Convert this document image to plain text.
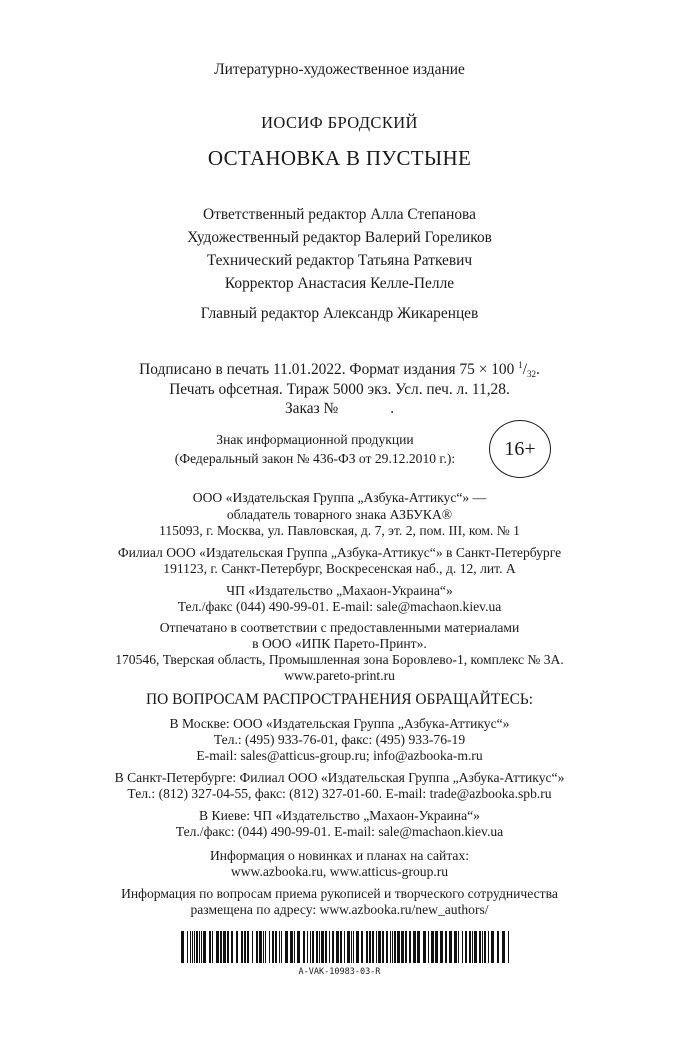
Литературно-художественное издание
ИОСИФ БРОДСКИЙ
ОСТАНОВКА В ПУСТЫНЕ
Ответственный редактор Алла Степанова
Художественный редактор Валерий Гореликов
Технический редактор Татьяна Раткевич
Корректор Анастасия Келле-Пелле
Главный редактор Александр Жикаренцев
Подписано в печать 11.01.2022. Формат издания 75 × 100 $^1/_{32}$.
Печать офсетная. Тираж 5000 экз. Усл. печ. л. 11,28.
Заказ №	.
Знак информационной продукции
(Федеральный закон № 436-ФЗ от 29.12.2010 г.):	16+
ООО «Издательская Группа „Азбука-Аттикус“» —
обладатель товарного знака АЗБУКА®
115093, г. Москва, ул. Павловская, д. 7, эт. 2, пом. III, ком. № 1
Филиал ООО «Издательская Группа „Азбука-Аттикус“» в Санкт-Петербурге
191123, г. Санкт-Петербург, Воскресенская наб., д. 12, лит. А
ЧП «Издательство „Махаон-Украина“»
Тел./факс (044) 490-99-01. E-mail: sale@machaon.kiev.ua
Отпечатано в соответствии с предоставленными материалами
в ООО «ИПК Парето-Принт».
170546, Тверская область, Промышленная зона Боровлево-1, комплекс № 3А.
www.pareto-print.ru
ПО ВОПРОСАМ РАСПРОСТРАНЕНИЯ ОБРАЩАЙТЕСЬ:
В Москве: ООО «Издательская Группа „Азбука-Аттикус“»
Тел.: (495) 933-76-01, факс: (495) 933-76-19
E-mail: sales@atticus-group.ru; info@azbooka-m.ru
В Санкт-Петербурге: Филиал ООО «Издательская Группа „Азбука-Аттикус“»
Тел.: (812) 327-04-55, факс: (812) 327-01-60. E-mail: trade@azbooka.spb.ru
В Киеве: ЧП «Издательство „Махаон-Украина“»
Тел./факс: (044) 490-99-01. E-mail: sale@machaon.kiev.ua
Информация о новинках и планах на сайтах:
www.azbooka.ru, www.atticus-group.ru
Информация по вопросам приема рукописей и творческого сотрудничества
размещена по адресу: www.azbooka.ru/new_authors/
A-VAK-10983-03-R
